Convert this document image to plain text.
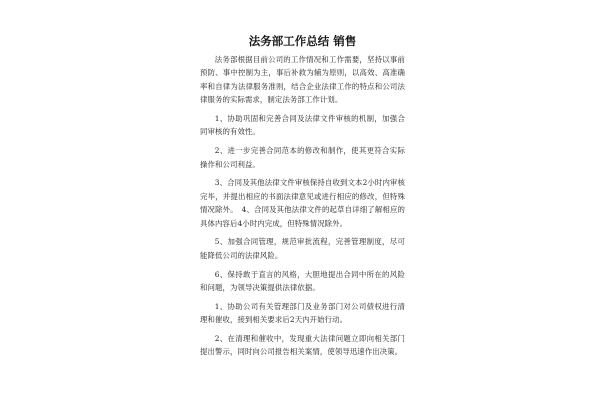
法务部工作总结 销售

法务部根据目前公司的工作情况和工作需要，坚持以事前预防、事中控制为主，事后补救为辅为原则，以高效、高准确率和自律为法律服务准则，结合企业法律工作的特点和公司法律服务的实际需求，制定法务部工作计划。

1、协助巩固和完善合同及法律文件审核的机制，加强合同审核的有效性。

2、进一步完善合同范本的修改和制作，使其更符合实际操作和公司利益。

3、合同及其他法律文件审核保持自收到文本2小时内审核完毕，并提出相应的书面法律意见或进行相应的修改，但特殊情况除外。　4、合同及其他法律文件的起草自详细了解相应的具体内容后4小时内完成，但特殊情况除外。

5、加强合同管理，规范审批流程，完善管理制度，尽可能降低公司的法律风险。

6、保持敢于直言的风格，大胆地提出合同中所在的风险和问题，为领导决策提供法律依据。

1、协助公司有关管理部门及业务部门对公司债权进行清理和催收，接到相关要求后2天内开始行动。

2、在清理和催收中，发现重大法律问题立即向相关部门提出警示，同时向公司报告相关案情，使领导迅速作出决策。
